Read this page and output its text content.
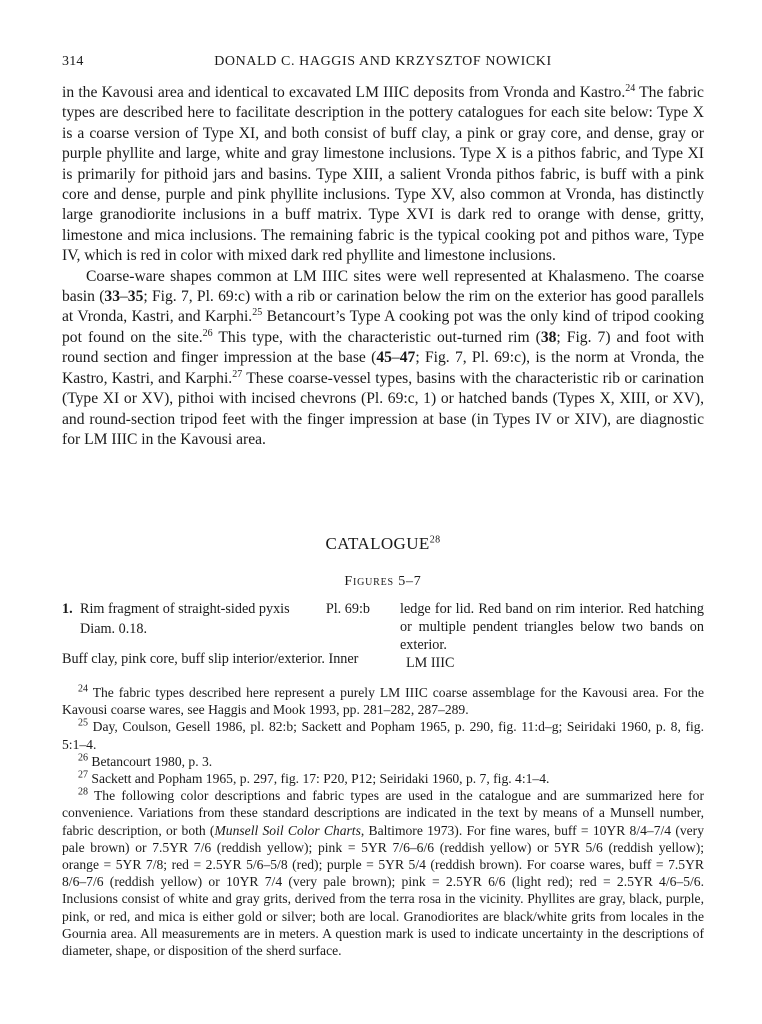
314	DONALD C. HAGGIS AND KRZYSZTOF NOWICKI

in the Kavousi area and identical to excavated LM IIIC deposits from Vronda and Kastro.$^{24}$ The fabric types are described here to facilitate description in the pottery catalogues for each site below: Type X is a coarse version of Type XI, and both consist of buff clay, a pink or gray core, and dense, gray or purple phyllite and large, white and gray limestone inclusions. Type X is a pithos fabric, and Type XI is primarily for pithoid jars and basins. Type XIII, a salient Vronda pithos fabric, is buff with a pink core and dense, purple and pink phyllite inclusions. Type XV, also common at Vronda, has distinctly large granodiorite inclusions in a buff matrix. Type XVI is dark red to orange with dense, gritty, limestone and mica inclusions. The remaining fabric is the typical cooking pot and pithos ware, Type IV, which is red in color with mixed dark red phyllite and limestone inclusions.

Coarse-ware shapes common at LM IIIC sites were well represented at Khalasmeno. The coarse basin (33–35; Fig. 7, Pl. 69:c) with a rib or carination below the rim on the exterior has good parallels at Vronda, Kastri, and Karphi.$^{25}$ Betancourt’s Type A cooking pot was the only kind of tripod cooking pot found on the site.$^{26}$ This type, with the characteristic out-turned rim (38; Fig. 7) and foot with round section and finger impression at the base (45–47; Fig. 7, Pl. 69:c), is the norm at Vronda, the Kastro, Kastri, and Karphi.$^{27}$ These coarse-vessel types, basins with the characteristic rib or carination (Type XI or XV), pithoi with incised chevrons (Pl. 69:c, 1) or hatched bands (Types X, XIII, or XV), and round-section tripod feet with the finger impression at base (in Types IV or XIV), are diagnostic for LM IIIC in the Kavousi area.

CATALOGUE$^{28}$
Figures 5–7
1. Rim fragment of straight-sided pyxis	Pl. 69:b
Diam. 0.18.
Buff clay, pink core, buff slip interior/exterior. Inner
ledge for lid. Red band on rim interior. Red hatching or multiple pendent triangles below two bands on exterior.
LM IIIC

$^{24}$ The fabric types described here represent a purely LM IIIC coarse assemblage for the Kavousi area. For the Kavousi coarse wares, see Haggis and Mook 1993, pp. 281–282, 287–289.

$^{25}$ Day, Coulson, Gesell 1986, pl. 82:b; Sackett and Popham 1965, p. 290, fig. 11:d–g; Seiridaki 1960, p. 8, fig. 5:1–4.

$^{26}$ Betancourt 1980, p. 3.

$^{27}$ Sackett and Popham 1965, p. 297, fig. 17: P20, P12; Seiridaki 1960, p. 7, fig. 4:1–4.

$^{28}$ The following color descriptions and fabric types are used in the catalogue and are summarized here for convenience. Variations from these standard descriptions are indicated in the text by means of a Munsell number, fabric description, or both (Munsell Soil Color Charts, Baltimore 1973). For fine wares, buff = 10YR 8/4–7/4 (very pale brown) or 7.5YR 7/6 (reddish yellow); pink = 5YR 7/6–6/6 (reddish yellow) or 5YR 5/6 (reddish yellow); orange = 5YR 7/8; red = 2.5YR 5/6–5/8 (red); purple = 5YR 5/4 (reddish brown). For coarse wares, buff = 7.5YR 8/6–7/6 (reddish yellow) or 10YR 7/4 (very pale brown); pink = 2.5YR 6/6 (light red); red = 2.5YR 4/6–5/6. Inclusions consist of white and gray grits, derived from the terra rosa in the vicinity. Phyllites are gray, black, purple, pink, or red, and mica is either gold or silver; both are local. Granodiorites are black/white grits from locales in the Gournia area. All measurements are in meters. A question mark is used to indicate uncertainty in the descriptions of diameter, shape, or disposition of the sherd surface.
